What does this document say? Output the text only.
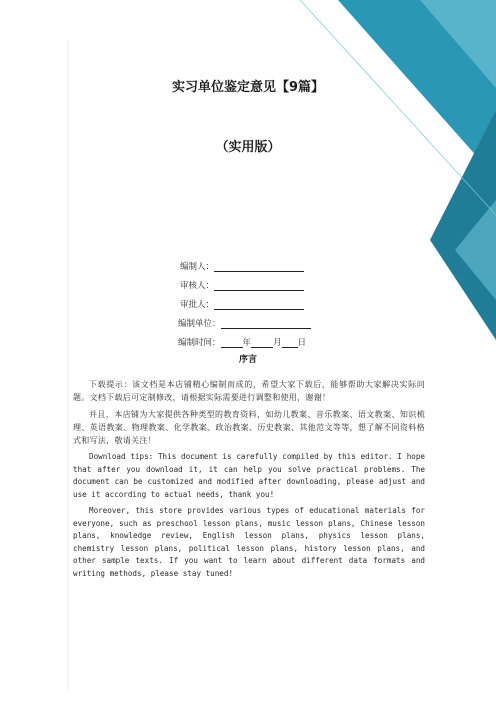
实习单位鉴定意见【9篇】
（实用版）
编制人：
审核人：
审批人：
编制单位：
编制时间：	年	月 日
序言

下载提示：该文档是本店铺精心编制而成的，希望大家下载后，能够帮助大家解决实际问题。文档下载后可定制修改，请根据实际需要进行调整和使用，谢谢！

并且，本店铺为大家提供各种类型的教育资料，如幼儿教案、音乐教案、语文教案、知识梳理、英语教案、物理教案、化学教案、政治教案、历史教案、其他范文等等，想了解不同资料格式和写法，敬请关注！

Download tips: This document is carefully compiled by this editor. I hope that after you download it, it can help you solve practical problems. The document can be customized and modified after downloading, please adjust and use it according to actual needs, thank you!

Moreover, this store provides various types of educational materials for everyone, such as preschool lesson plans, music lesson plans, Chinese lesson plans, knowledge review, English lesson plans, physics lesson plans, chemistry lesson plans, political lesson plans, history lesson plans, and other sample texts. If you want to learn about different data formats and writing methods, please stay tuned!
